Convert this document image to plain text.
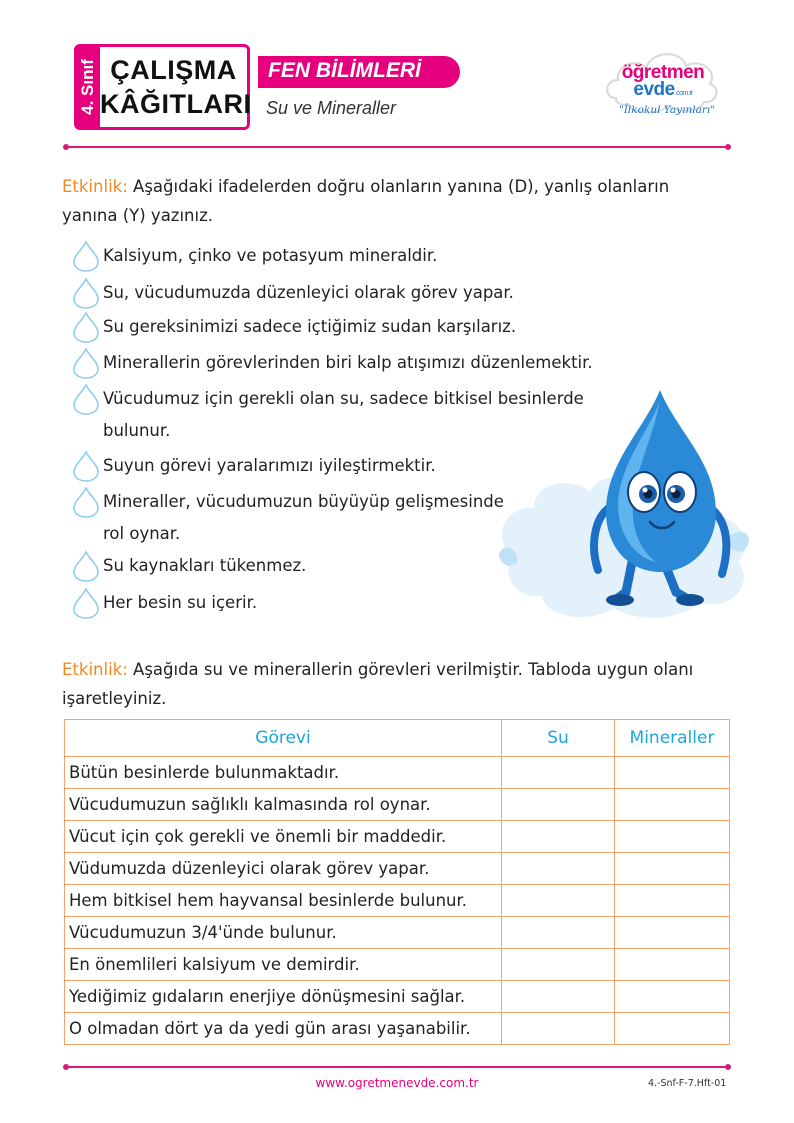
4. Sınıf ÇALIŞMA
KÂĞITLARI
FEN BİLİMLERİ
Su ve Mineraller
öğretmen
evde.com.tr
"İlkokul Yayınları"
Etkinlik: Aşağıdaki ifadelerden doğru olanların yanına (D), yanlış olanların
yanına (Y) yazınız.
Kalsiyum, çinko ve potasyum mineraldir.
Su, vücudumuzda düzenleyici olarak görev yapar.
Su gereksinimizi sadece içtiğimiz sudan karşılarız.
Minerallerin görevlerinden biri kalp atışımızı düzenlemektir.
Vücudumuz için gerekli olan su, sadece bitkisel besinlerde
bulunur.
Suyun görevi yaralarımızı iyileştirmektir.
Mineraller, vücudumuzun büyüyüp gelişmesinde
rol oynar.
Su kaynakları tükenmez.
Her besin su içerir.
Etkinlik: Aşağıda su ve minerallerin görevleri verilmiştir. Tabloda uygun olanı
işaretleyiniz.
Görevi	Su	Mineraller
Bütün besinlerde bulunmaktadır.		
Vücudumuzun sağlıklı kalmasında rol oynar.		
Vücut için çok gerekli ve önemli bir maddedir.		
Vüdumuzda düzenleyici olarak görev yapar.		
Hem bitkisel hem hayvansal besinlerde bulunur.		
Vücudumuzun 3/4'ünde bulunur.		
En önemlileri kalsiyum ve demirdir.		
Yediğimiz gıdaların enerjiye dönüşmesini sağlar.		
O olmadan dört ya da yedi gün arası yaşanabilir.		
www.ogretmenevde.com.tr	4.-Snf-F-7.Hft-01
